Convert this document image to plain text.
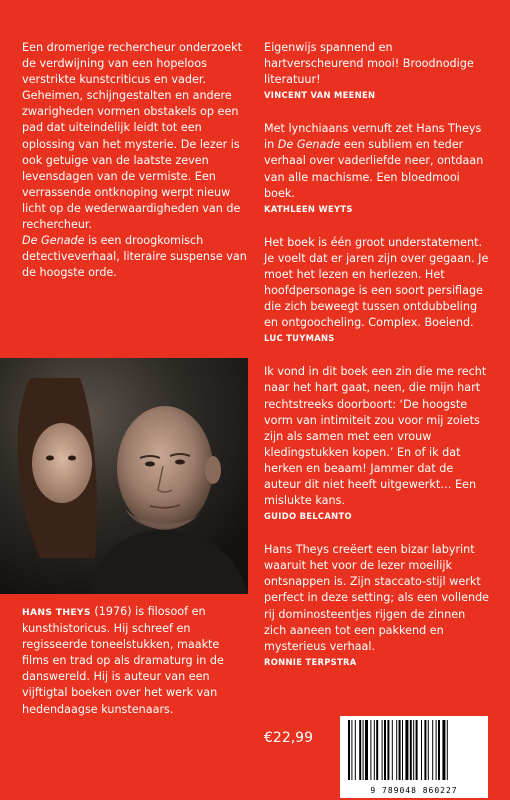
Een dromerige rechercheur onderzoekt de verdwijning van een hopeloos verstrikte kunstcriticus en vader. Geheimen, schijngestalten en andere zwarigheden vormen obstakels op een pad dat uiteindelijk leidt tot een oplossing van het mysterie. De lezer is ook getuige van de laatste zeven levensdagen van de vermiste. Een verrassende ontknoping werpt nieuw licht op de wederwaardigheden van de rechercheur.

De Genade is een droogkomisch detectiveverhaal, literaire suspense van de hoogste orde.

HANS THEYS (1976) is filosoof en kunsthistoricus. Hij schreef en regisseerde toneelstukken, maakte films en trad op als dramaturg in de danswereld. Hij is auteur van een vijftigtal boeken over het werk van hedendaagse kunstenaars.

Eigenwijs spannend en hartverscheurend mooi! Broodnodige literatuur!

VINCENT VAN MEENEN

Met lynchiaans vernuft zet Hans Theys in De Genade een subliem en teder verhaal over vaderliefde neer, ontdaan van alle machisme. Een bloedmooi boek.

KATHLEEN WEYTS

Het boek is één groot understatement. Je voelt dat er jaren zijn over gegaan. Je moet het lezen en herlezen. Het hoofdpersonage is een soort persiflage die zich beweegt tussen ontdubbeling en ontgoocheling. Complex. Boeiend.

LUC TUYMANS

Ik vond in dit boek een zin die me recht naar het hart gaat, neen, die mijn hart rechtstreeks doorboort: ‘De hoogste vorm van intimiteit zou voor mij zoiets zijn als samen met een vrouw kledingstukken kopen.’ En of ik dat herken en beaam! Jammer dat de auteur dit niet heeft uitgewerkt… Een mislukte kans.

GUIDO BELCANTO

Hans Theys creëert een bizar labyrint waaruit het voor de lezer moeilijk ontsnappen is. Zijn staccato-stijl werkt perfect in deze setting; als een vollende rij dominosteentjes rijgen de zinnen zich aaneen tot een pakkend en mysterieus verhaal.

RONNIE TERPSTRA
€22,99
9 789048 860227
